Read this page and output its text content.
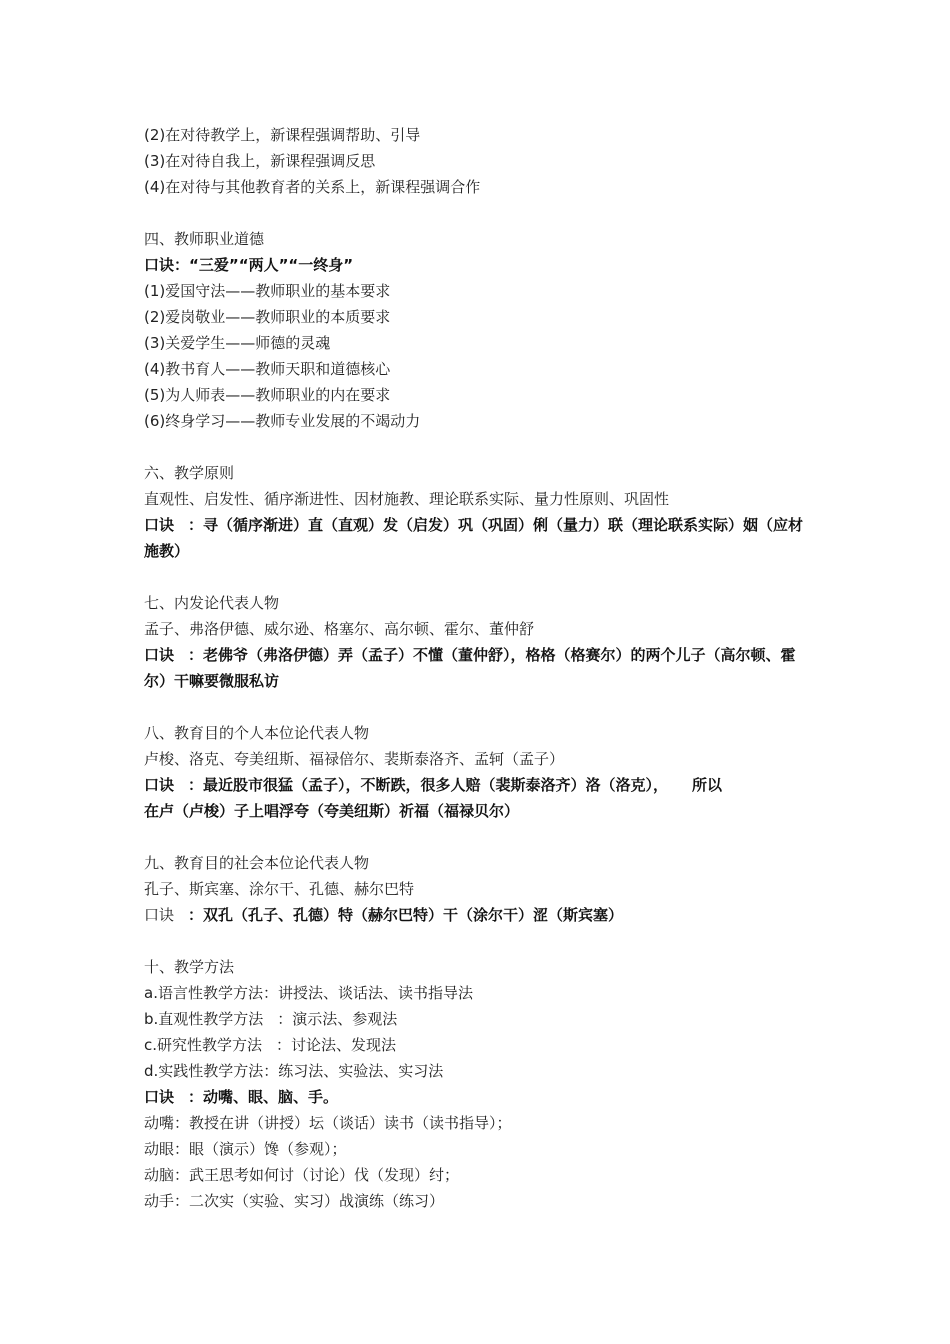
(2)在对待教学上，新课程强调帮助、引导
(3)在对待自我上，新课程强调反思
(4)在对待与其他教育者的关系上，新课程强调合作
四、教师职业道德
口诀：“三爱”“两人”“一终身”
(1)爱国守法——教师职业的基本要求
(2)爱岗敬业——教师职业的本质要求
(3)关爱学生——师德的灵魂
(4)教书育人——教师天职和道德核心
(5)为人师表——教师职业的内在要求
(6)终身学习——教师专业发展的不竭动力
六、教学原则
直观性、启发性、循序渐进性、因材施教、理论联系实际、量力性原则、巩固性
口诀 ：寻（循序渐进）直（直观）发（启发）巩（巩固）俐（量力）联（理论联系实际）姻（应材施教）
七、内发论代表人物
孟子、弗洛伊德、威尔逊、格塞尔、高尔顿、霍尔、董仲舒
口诀 ：老佛爷（弗洛伊德）弄（孟子）不懂（董仲舒），格格（格赛尔）的两个儿子（高尔顿、霍尔）干嘛要微服私访
八、教育目的个人本位论代表人物
卢梭、洛克、夸美纽斯、福禄倍尔、裴斯泰洛齐、孟轲（孟子）
口诀 ：最近股市很猛（孟子），不断跌，很多人赔（裴斯泰洛齐）洛（洛克）， 所以
在卢（卢梭）子上唱浮夸（夸美纽斯）祈福（福禄贝尔）
九、教育目的社会本位论代表人物
孔子、斯宾塞、涂尔干、孔德、赫尔巴特
口诀 ：双孔（孔子、孔德）特（赫尔巴特）干（涂尔干）涩（斯宾塞）
十、教学方法
a.语言性教学方法：讲授法、谈话法、读书指导法
b.直观性教学方法 ：演示法、参观法
c.研究性教学方法 ：讨论法、发现法
d.实践性教学方法：练习法、实验法、实习法
口诀 ：动嘴、眼、脑、手。
动嘴：教授在讲（讲授）坛（谈话）读书（读书指导）；
动眼：眼（演示）馋（参观）；
动脑：武王思考如何讨（讨论）伐（发现）纣；
动手：二次实（实验、实习）战演练（练习）
